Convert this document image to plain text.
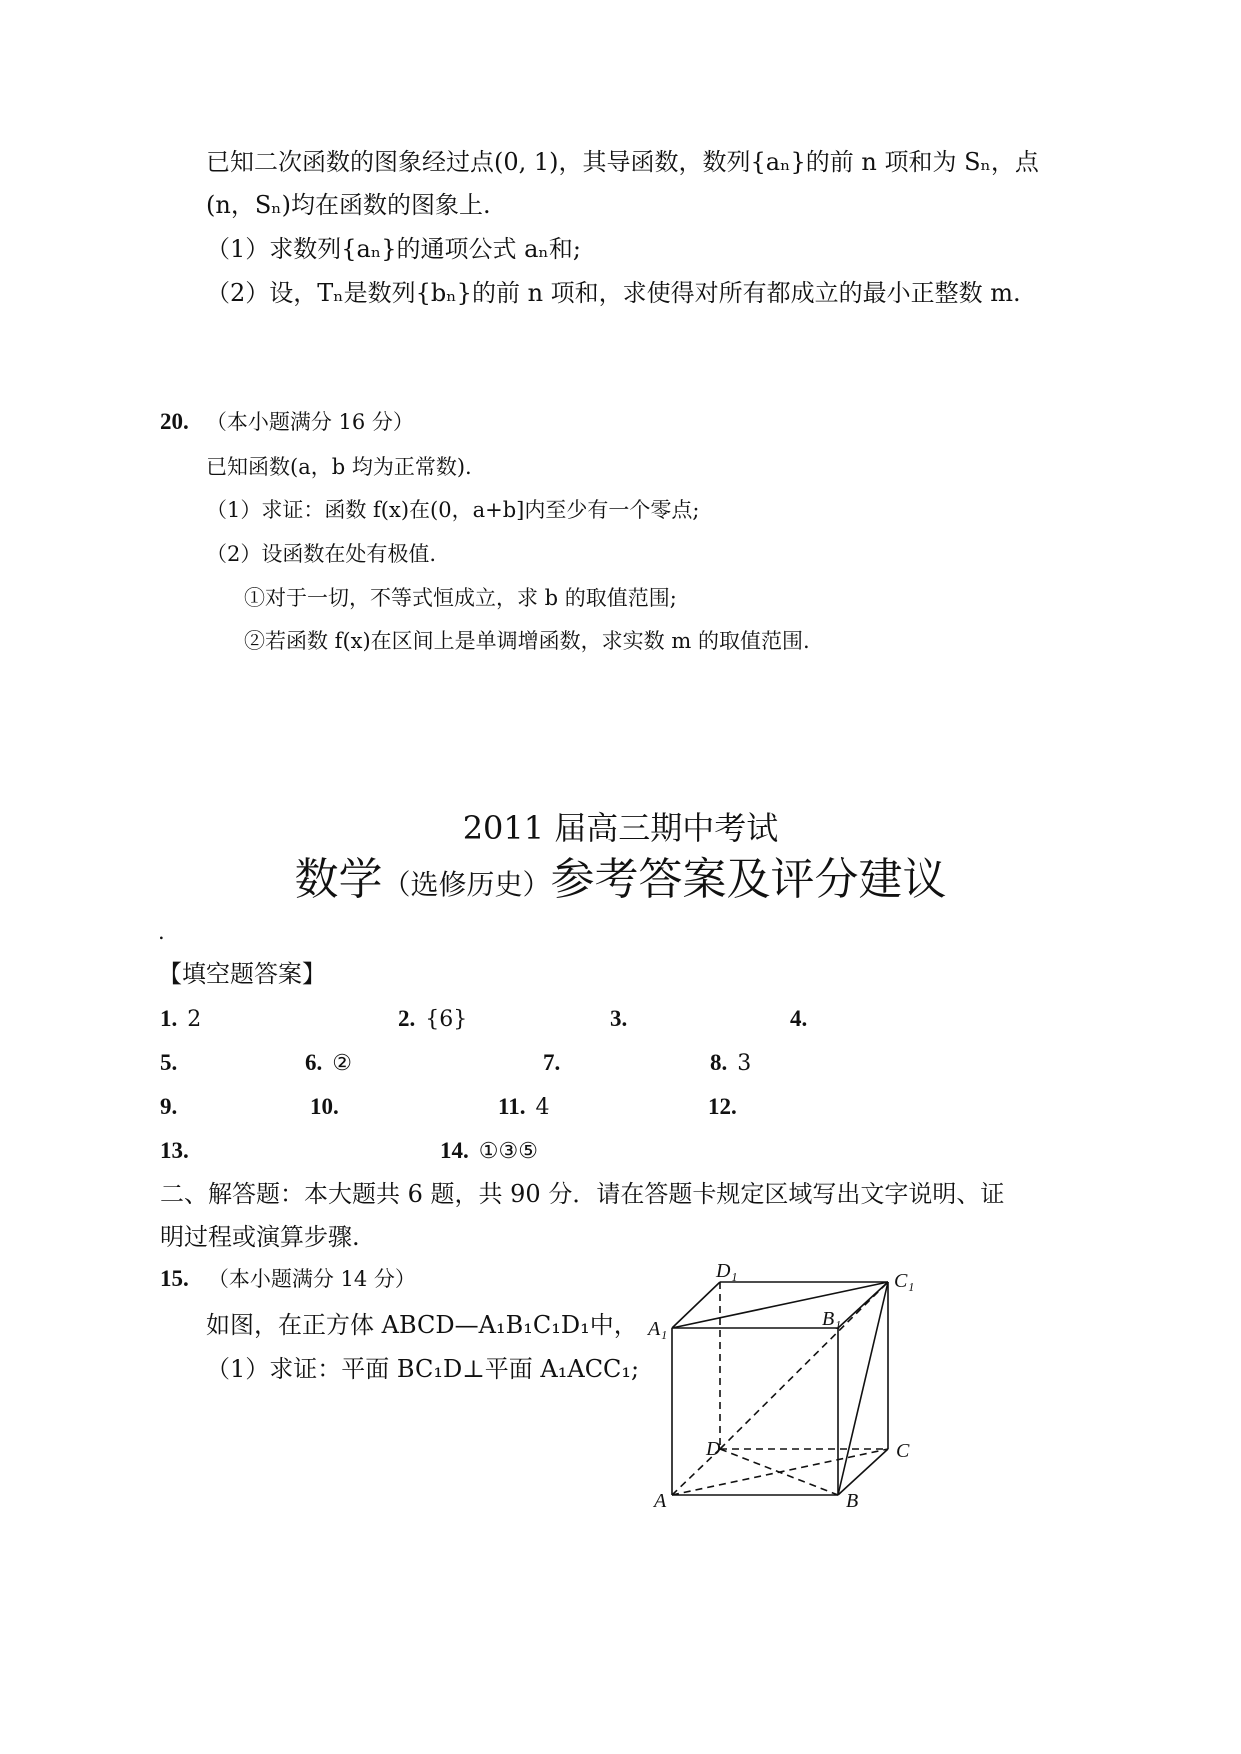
已知二次函数的图象经过点(0, 1)，其导函数，数列{aₙ}的前 n 项和为 Sₙ，点
(n，Sₙ)均在函数的图象上.
（1）求数列{aₙ}的通项公式 aₙ和;
（2）设，Tₙ是数列{bₙ}的前 n 项和，求使得对所有都成立的最小正整数 m.
20. （本小题满分 16 分）
已知函数(a，b 均为正常数).
（1）求证：函数 f(x)在(0，a+b]内至少有一个零点;
（2）设函数在处有极值.
①对于一切，不等式恒成立，求 b 的取值范围;
②若函数 f(x)在区间上是单调增函数，求实数 m 的取值范围.
2011 届高三期中考试
数学（选修历史）参考答案及评分建议
.
【填空题答案】
1. 2	2. {6}	3.	4.
5.	6. ②	7.	8. 3
9.	10.	11. 4	12.
13.	14. ①③⑤
二、解答题：本大题共 6 题，共 90 分．请在答题卡规定区域写出文字说明、证
明过程或演算步骤.
15. （本小题满分 14 分）
如图，在正方体 ABCD—A₁B₁C₁D₁中，
（1）求证：平面 BC₁D⊥平面 A₁ACC₁;
A₁
D₁	C₁
B₁
D	C
A	B
